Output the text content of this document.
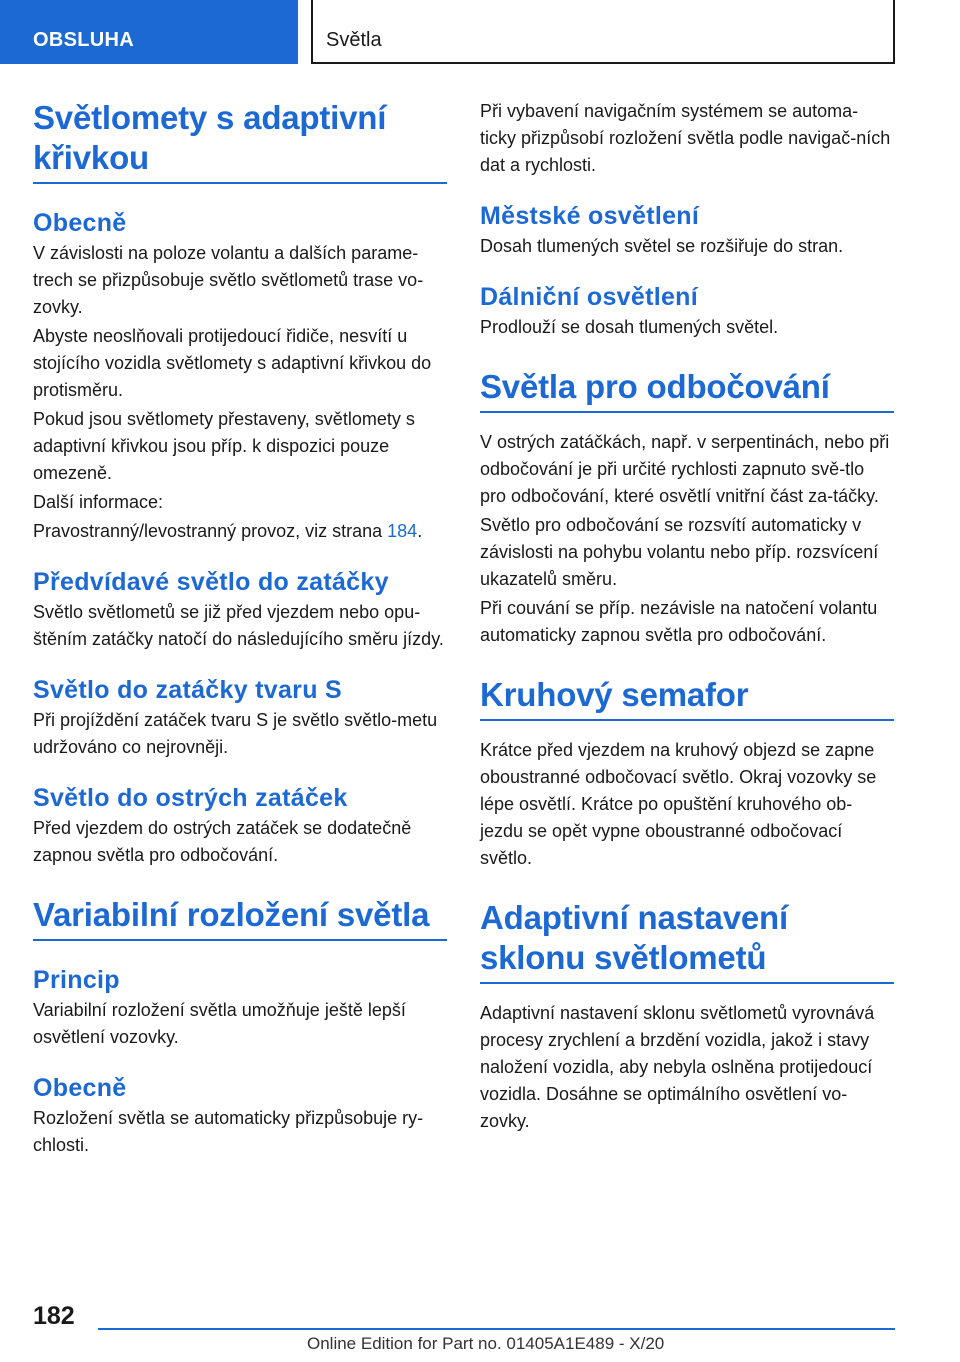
OBSLUHA	Světla
Světlomety s adaptivní křivkou
Obecně

V závislosti na poloze volantu a dalších parame‐trech se přizpůsobuje světlo světlometů trase vo‐zovky.

Abyste neoslňovali protijedoucí řidiče, nesvítí u stojícího vozidla světlomety s adaptivní křivkou do protisměru.

Pokud jsou světlomety přestaveny, světlomety s adaptivní křivkou jsou příp. k dispozici pouze omezeně.

Další informace:

Pravostranný/levostranný provoz, viz strana 184.

Předvídavé světlo do zatáčky

Světlo světlometů se již před vjezdem nebo opu‐štěním zatáčky natočí do následujícího směru jízdy.

Světlo do zatáčky tvaru S

Při projíždění zatáček tvaru S je světlo světlo‐metu udržováno co nejrovněji.

Světlo do ostrých zatáček

Před vjezdem do ostrých zatáček se dodatečně zapnou světla pro odbočování.

Variabilní rozložení světla
Princip

Variabilní rozložení světla umožňuje ještě lepší osvětlení vozovky.

Obecně

Rozložení světla se automaticky přizpůsobuje ry‐chlosti.

Při vybavení navigačním systémem se automa‐ticky přizpůsobí rozložení světla podle navigač‐ních dat a rychlosti.

Městské osvětlení

Dosah tlumených světel se rozšiřuje do stran.

Dálniční osvětlení

Prodlouží se dosah tlumených světel.

Světla pro odbočování

V ostrých zatáčkách, např. v serpentinách, nebo při odbočování je při určité rychlosti zapnuto svě‐tlo pro odbočování, které osvětlí vnitřní část za‐táčky.

Světlo pro odbočování se rozsvítí automaticky v závislosti na pohybu volantu nebo příp. rozsvícení ukazatelů směru.

Při couvání se příp. nezávisle na natočení volantu automaticky zapnou světla pro odbočování.

Kruhový semafor

Krátce před vjezdem na kruhový objezd se zapne oboustranné odbočovací světlo. Okraj vozovky se lépe osvětlí. Krátce po opuštění kruhového ob‐jezdu se opět vypne oboustranné odbočovací světlo.

Adaptivní nastavení sklonu světlometů

Adaptivní nastavení sklonu světlometů vyrovnává procesy zrychlení a brzdění vozidla, jakož i stavy naložení vozidla, aby nebyla oslněna protijedoucí vozidla. Dosáhne se optimálního osvětlení vo‐zovky.

182
Online Edition for Part no. 01405A1E489 - X/20
